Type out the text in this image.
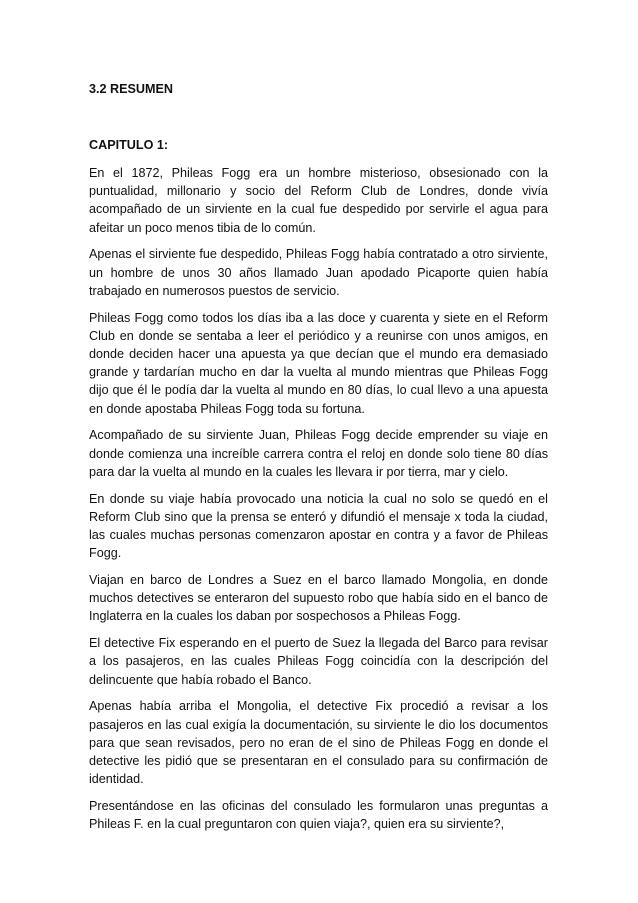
3.2 RESUMEN

CAPITULO 1:

En el 1872, Phileas Fogg era un hombre misterioso, obsesionado con la puntualidad, millonario y socio del Reform Club de Londres, donde vivía acompañado de un sirviente en la cual fue despedido por servirle el agua para afeitar un poco menos tibia de lo común.

Apenas el sirviente fue despedido, Phileas Fogg había contratado a otro sirviente, un hombre de unos 30 años llamado Juan apodado Picaporte quien había trabajado en numerosos puestos de servicio.

Phileas Fogg como todos los días iba a las doce y cuarenta y siete en el Reform Club en donde se sentaba a leer el periódico y a reunirse con unos amigos, en donde deciden hacer una apuesta ya que decían que el mundo era demasiado grande y tardarían mucho en dar la vuelta al mundo mientras que Phileas Fogg dijo que él le podía dar la vuelta al mundo en 80 días, lo cual llevo a una apuesta en donde apostaba Phileas Fogg toda su fortuna.

Acompañado de su sirviente Juan, Phileas Fogg decide emprender su viaje en donde comienza una increíble carrera contra el reloj en donde solo tiene 80 días para dar la vuelta al mundo en la cuales les llevara ir por tierra, mar y cielo.

En donde su viaje había provocado una noticia la cual no solo se quedó en el Reform Club sino que la prensa se enteró y difundió el mensaje x toda la ciudad, las cuales muchas personas comenzaron apostar en contra y a favor de Phileas Fogg.

Viajan en barco de Londres a Suez en el barco llamado Mongolia, en donde muchos detectives se enteraron del supuesto robo que había sido en el banco de Inglaterra en la cuales los daban por sospechosos a Phileas Fogg.

El detective Fix esperando en el puerto de Suez la llegada del Barco para revisar a los pasajeros, en las cuales Phileas Fogg coincidía con la descripción del delincuente que había robado el Banco.

Apenas había arriba el Mongolia, el detective Fix procedió a revisar a los pasajeros en las cual exigía la documentación, su sirviente le dio los documentos para que sean revisados, pero no eran de el sino de Phileas Fogg en donde el detective les pidió que se presentaran en el consulado para su confirmación de identidad.

Presentándose en las oficinas del consulado les formularon unas preguntas a Phileas F. en la cual preguntaron con quien viaja?, quien era su sirviente?,
